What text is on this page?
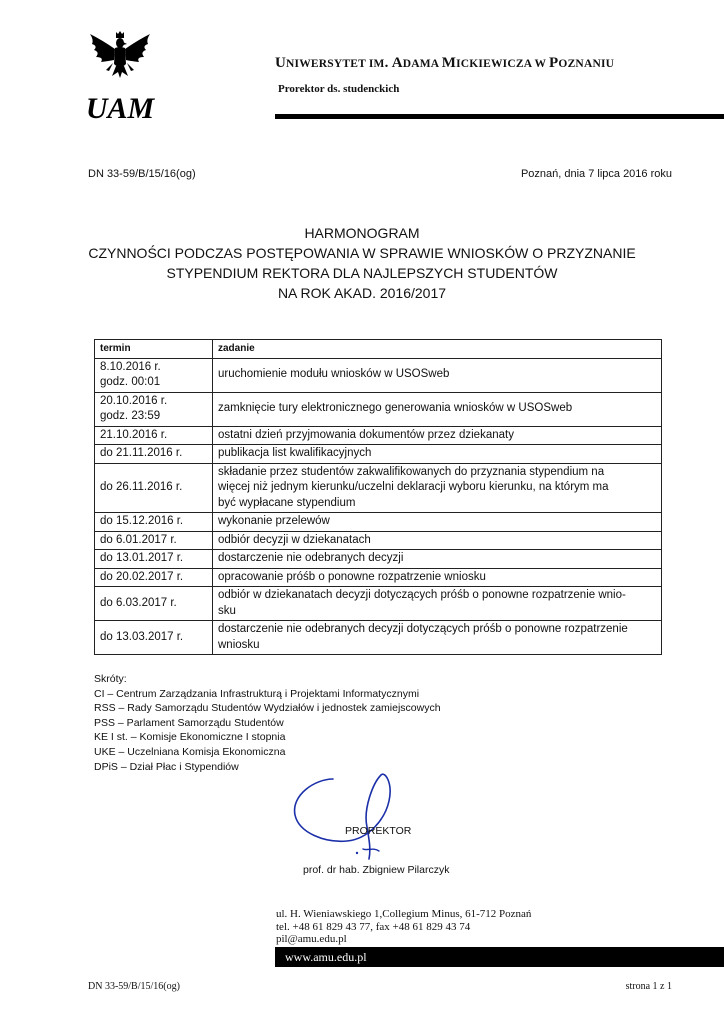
UAM
UNIWERSYTET IM. ADAMA MICKIEWICZA W POZNANIU
Prorektor ds. studenckich
DN 33-59/B/15/16(og)	Poznań, dnia 7 lipca 2016 roku
HARMONOGRAM
CZYNNOŚCI PODCZAS POSTĘPOWANIA W SPRAWIE WNIOSKÓW O PRZYZNANIE
STYPENDIUM REKTORA DLA NAJLEPSZYCH STUDENTÓW
NA ROK AKAD. 2016/2017
termin	zadanie
8.10.2016 r.
godz. 00:01	uruchomienie modułu wniosków w USOSweb
20.10.2016 r.
godz. 23:59	zamknięcie tury elektronicznego generowania wniosków w USOSweb
21.10.2016 r.	ostatni dzień przyjmowania dokumentów przez dziekanaty
do 21.11.2016 r.	publikacja list kwalifikacyjnych
do 26.11.2016 r.	składanie przez studentów zakwalifikowanych do przyznania stypendium na
więcej niż jednym kierunku/uczelni deklaracji wyboru kierunku, na którym ma
być wypłacane stypendium
do 15.12.2016 r.	wykonanie przelewów
do 6.01.2017 r.	odbiór decyzji w dziekanatach
do 13.01.2017 r.	dostarczenie nie odebranych decyzji
do 20.02.2017 r.	opracowanie próśb o ponowne rozpatrzenie wniosku
do 6.03.2017 r.	odbiór w dziekanatach decyzji dotyczących próśb o ponowne rozpatrzenie wnio-
sku
do 13.03.2017 r.	dostarczenie nie odebranych decyzji dotyczących próśb o ponowne rozpatrzenie
wniosku
Skróty:
CI – Centrum Zarządzania Infrastrukturą i Projektami Informatycznymi
RSS – Rady Samorządu Studentów Wydziałów i jednostek zamiejscowych
PSS – Parlament Samorządu Studentów
KE I st. – Komisje Ekonomiczne I stopnia
UKE – Uczelniana Komisja Ekonomiczna
DPiS – Dział Płac i Stypendiów
PROREKTOR
prof. dr hab. Zbigniew Pilarczyk
ul. H. Wieniawskiego 1,Collegium Minus, 61-712 Poznań
tel. +48 61 829 43 77, fax +48 61 829 43 74
pil@amu.edu.pl
www.amu.edu.pl
DN 33-59/B/15/16(og)	strona 1 z 1
